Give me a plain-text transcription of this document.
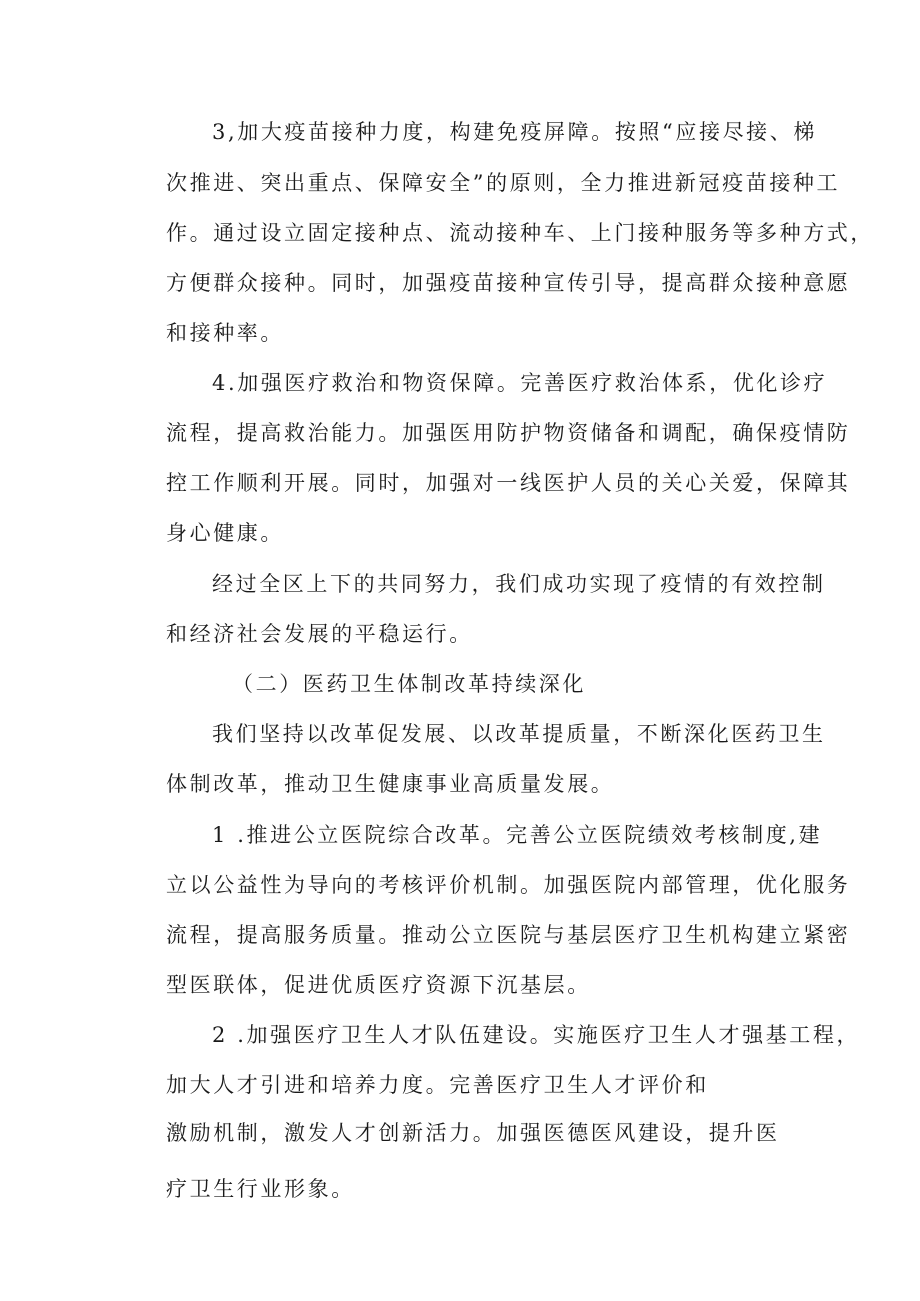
3,加大疫苗接种力度，构建免疫屏障。按照“应接尽接、梯
次推进、突出重点、保障安全”的原则，全力推进新冠疫苗接种工
作。通过设立固定接种点、流动接种车、上门接种服务等多种方式，
方便群众接种。同时，加强疫苗接种宣传引导，提高群众接种意愿
和接种率。
4.加强医疗救治和物资保障。完善医疗救治体系，优化诊疗
流程，提高救治能力。加强医用防护物资储备和调配，确保疫情防
控工作顺利开展。同时，加强对一线医护人员的关心关爱，保障其
身心健康。
经过全区上下的共同努力，我们成功实现了疫情的有效控制
和经济社会发展的平稳运行。
（二）医药卫生体制改革持续深化
我们坚持以改革促发展、以改革提质量，不断深化医药卫生
体制改革，推动卫生健康事业高质量发展。
1 .推进公立医院综合改革。完善公立医院绩效考核制度,建
立以公益性为导向的考核评价机制。加强医院内部管理，优化服务
流程，提高服务质量。推动公立医院与基层医疗卫生机构建立紧密
型医联体，促进优质医疗资源下沉基层。
2 .加强医疗卫生人才队伍建设。实施医疗卫生人才强基工程，
加大人才引进和培养力度。完善医疗卫生人才评价和
激励机制，激发人才创新活力。加强医德医风建设，提升医
疗卫生行业形象。
